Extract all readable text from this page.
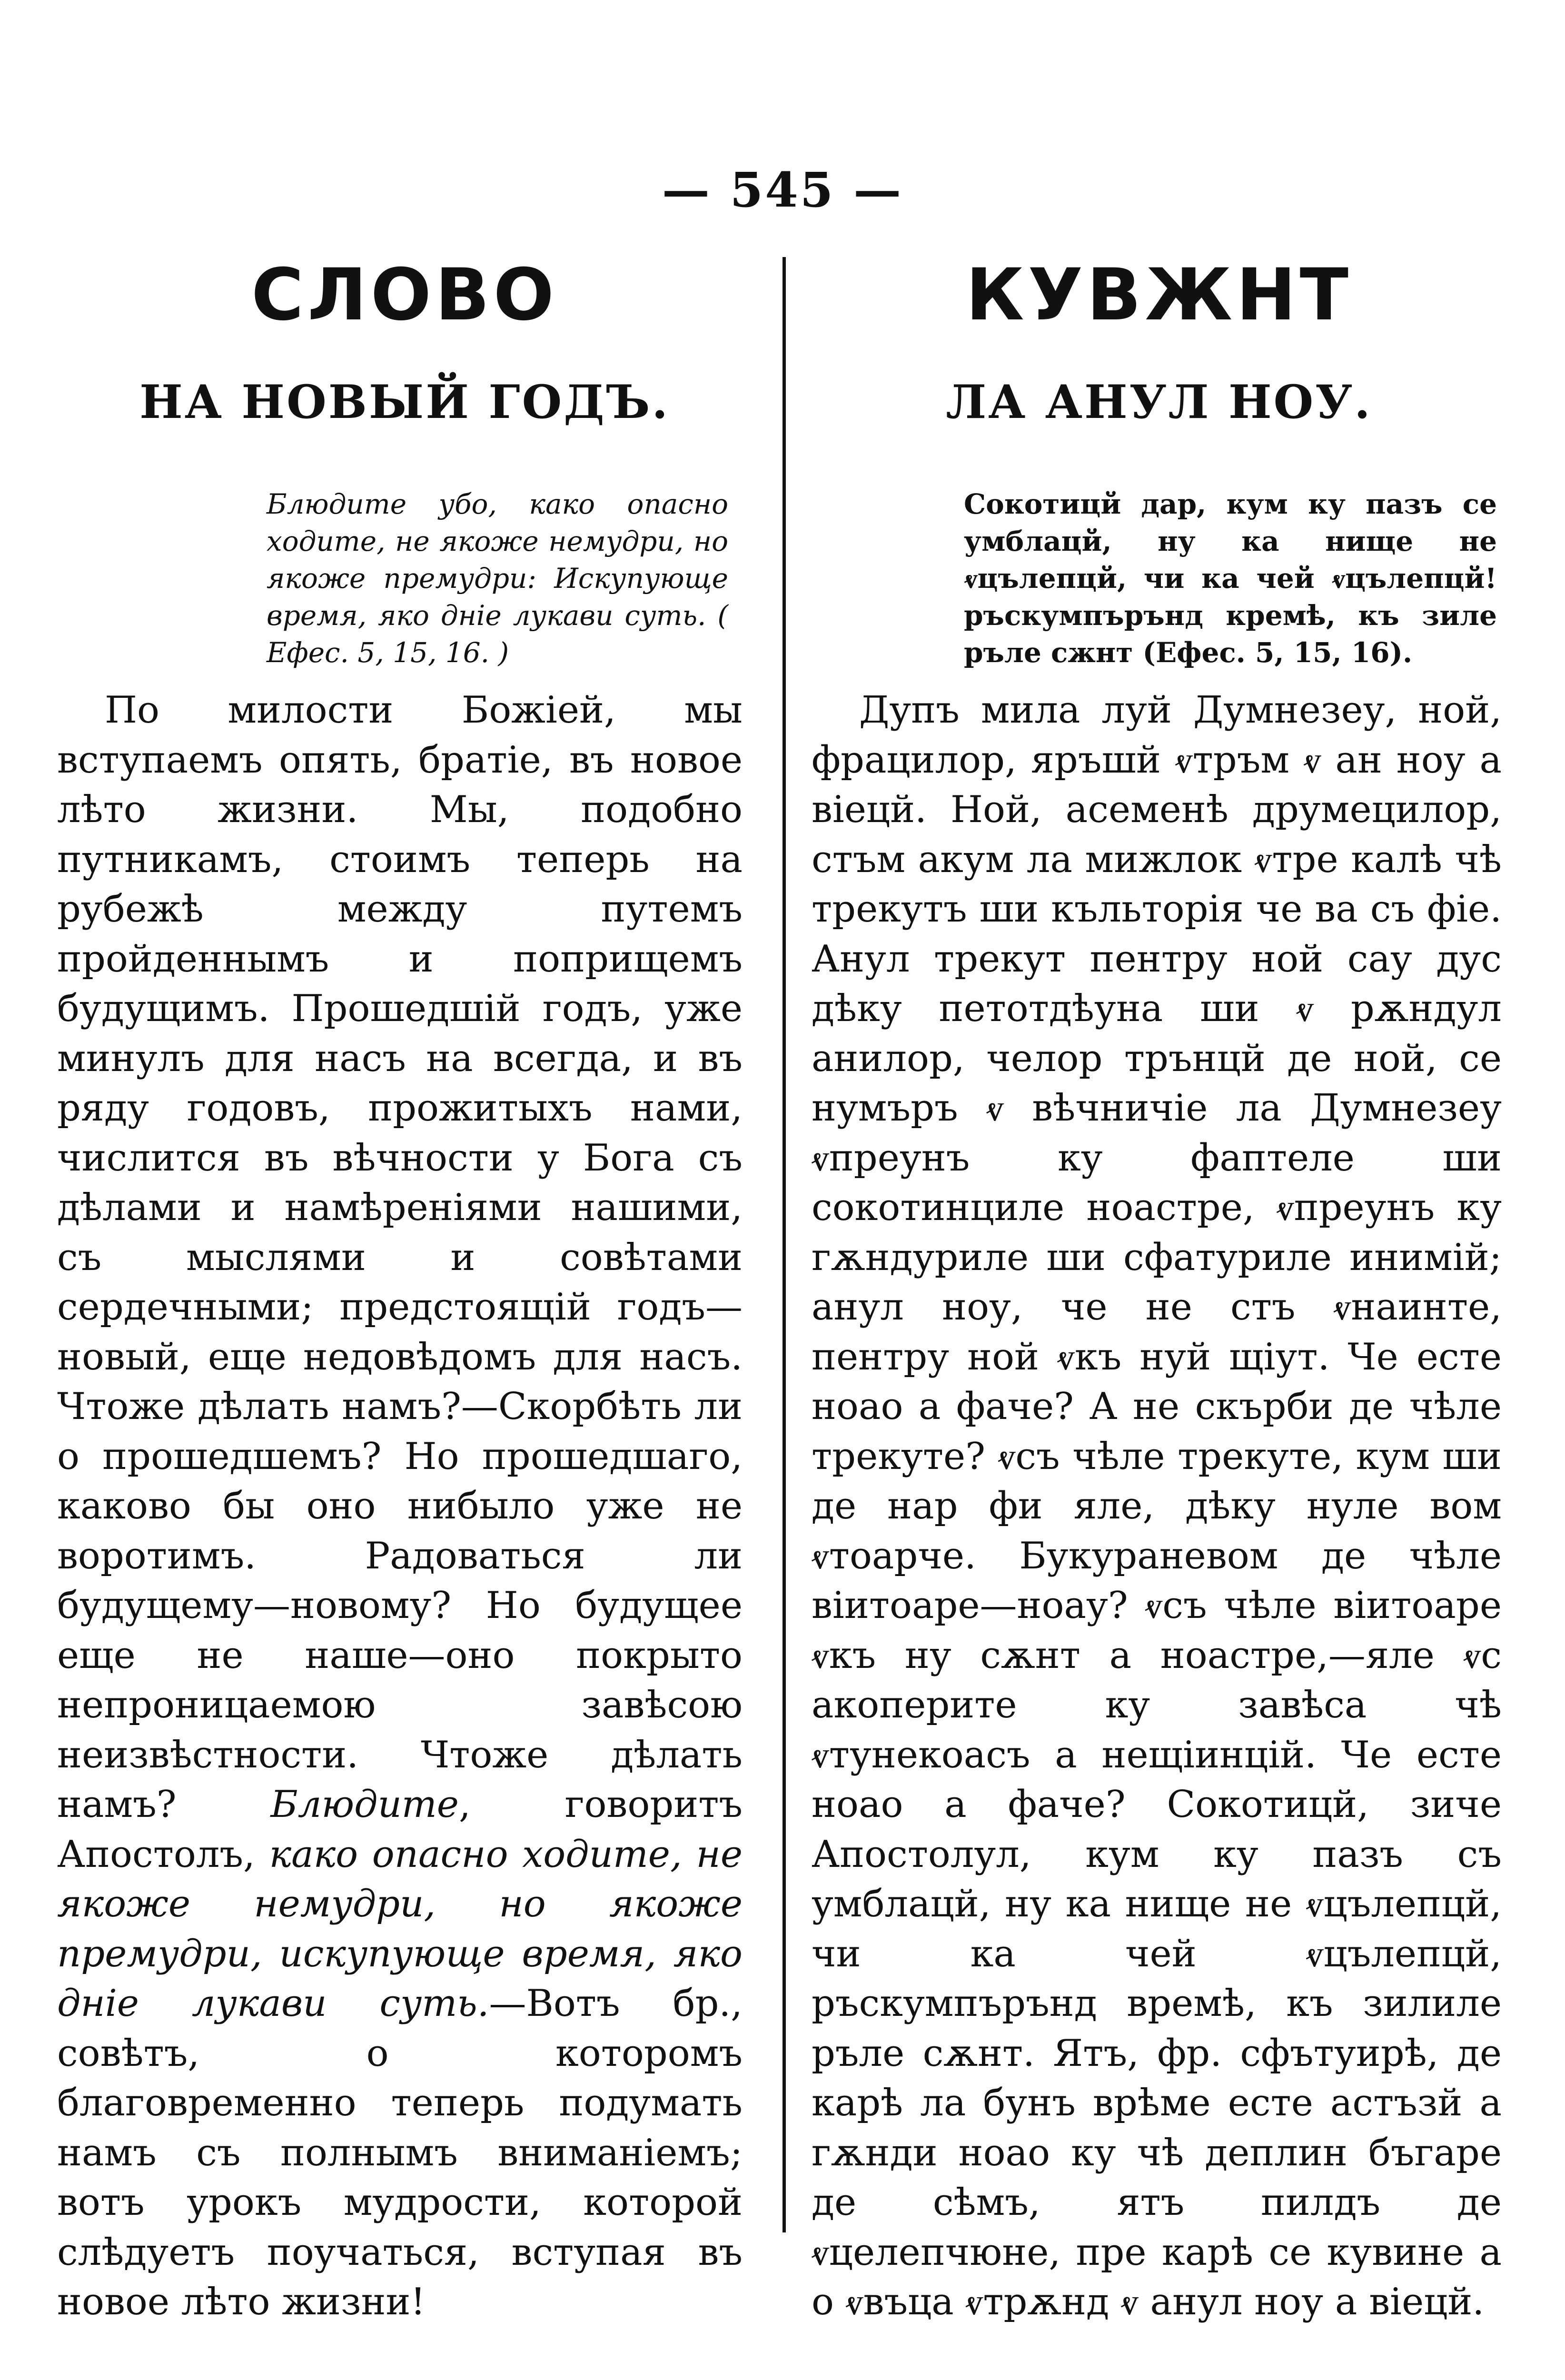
— 545 —
СЛОВО
НА НОВЫЙ ГОДЪ.

Блюдите убо, како опасно ходите, не якоже немудри, но якоже премудри: Искупующе время, яко дніе лукави суть. ( Ефес. 5, 15, 16. )

По милости Божіей, мы вступаемъ опять, братіе, въ новое лѣто жизни. Мы, подобно путникамъ, стоимъ теперь на рубежѣ между путемъ пройденнымъ и поприщемъ будущимъ. Прошедшій годъ, уже минулъ для насъ на всегда, и въ ряду годовъ, прожитыхъ нами, числится въ вѣчности у Бога съ дѣлами и намѣреніями нашими, съ мыслями и совѣтами сердечными; предстоящій годъ—новый, еще недовѣдомъ для насъ. Чтоже дѣлать намъ?—Скорбѣть ли о прошедшемъ? Но прошедшаго, каково бы оно нибыло уже не воротимъ. Радоваться ли будущему—новому? Но будущее еще не наше—оно покрыто непроницаемою завѣсою неизвѣстности. Чтоже дѣлать намъ? Блюдите, говоритъ Апостолъ, како опасно ходите, не якоже немудри, но якоже премудри, искупующе время, яко дніе лукави суть.—Вотъ бр., совѣтъ, о которомъ благовременно теперь подумать намъ съ полнымъ вниманіемъ; вотъ урокъ мудрости, которой слѣдуетъ поучаться, вступая въ новое лѣто жизни!

КУВЖНТ
ЛА АНУЛ НОУ.

Сокотицй дар, кум ку пазъ се умблацй, ну ка нище не ⱴцълепцй, чи ка чей ⱴцълепцй! ръскумпърънд кремѣ, къ зиле ръле сжнт (Ефес. 5, 15, 16).

Дупъ мила луй Думнезеу, ной, фрацилор, яръшй ⱴтръм ⱴ ан ноу а віецй. Ной, асеменѣ друмецилор, стъм акум ла мижлок ⱴтре калѣ чѣ трекутъ ши къльторія че ва съ фіе. Анул трекут пентру ной сау дус дѣку петотдѣуна ши ⱴ рѫндул анилор, челор трънцй де ной, се нумъръ ⱴ вѣчничіе ла Думнезеу ⱴпреунъ ку фаптеле ши сокотинциле ноастре, ⱴпреунъ ку гѫндуриле ши сфатуриле инимій; анул ноу, че не стъ ⱴнаинте, пентру ной ⱴкъ нуй щіут. Че есте ноао а фаче? А не скърби де чѣле трекуте? ⱴсъ чѣле трекуте, кум ши де нар фи яле, дѣку нуле вом ⱴтоарче. Букураневом де чѣле віитоаре—ноау? ⱴсъ чѣле віитоаре ⱴкъ ну сѫнт а ноастре,—яле ⱴс акоперите ку завѣса чѣ ⱴтунекоасъ а нещіинцій. Че есте ноао а фаче? Сокотицй, зиче Апостолул, кум ку пазъ съ умблацй, ну ка нище не ⱴцълепцй, чи ка чей ⱴцълепцй, ръскумпърънд времѣ, къ зилиле ръле сѫнт. Ятъ, фр. сфътуирѣ, де карѣ ла бунъ врѣме есте астъзй а гѫнди ноао ку чѣ деплин бъгаре де сѣмъ, ятъ пилдъ де ⱴцелепчюне, пре карѣ се кувине а о ⱴвъца ⱴтрѫнд ⱴ анул ноу а віецй.
